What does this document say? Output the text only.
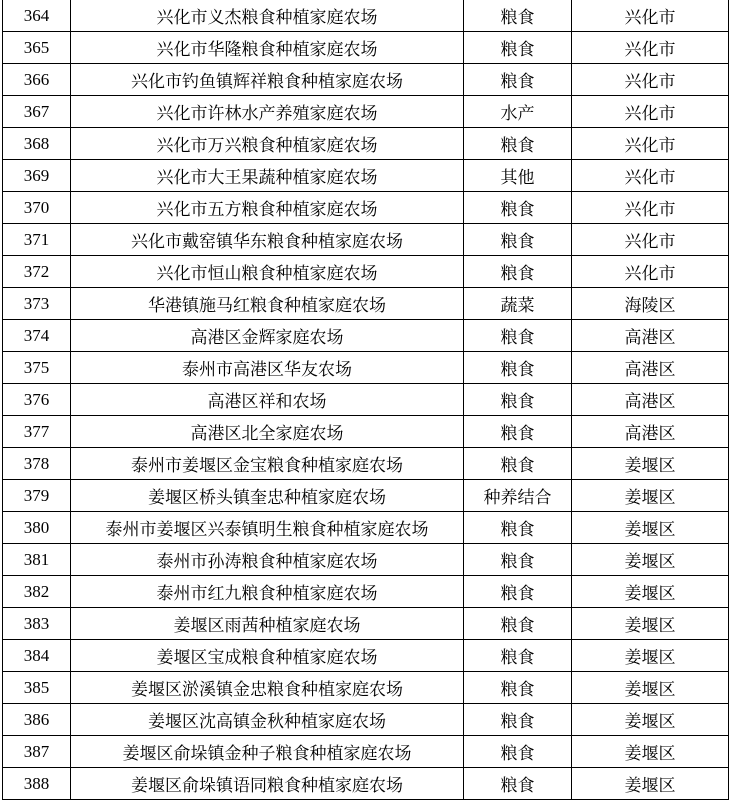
364	兴化市义杰粮食种植家庭农场	粮食	兴化市
365	兴化市华隆粮食种植家庭农场	粮食	兴化市
366	兴化市钓鱼镇辉祥粮食种植家庭农场	粮食	兴化市
367	兴化市许林水产养殖家庭农场	水产	兴化市
368	兴化市万兴粮食种植家庭农场	粮食	兴化市
369	兴化市大王果蔬种植家庭农场	其他	兴化市
370	兴化市五方粮食种植家庭农场	粮食	兴化市
371	兴化市戴窑镇华东粮食种植家庭农场	粮食	兴化市
372	兴化市恒山粮食种植家庭农场	粮食	兴化市
373	华港镇施马红粮食种植家庭农场	蔬菜	海陵区
374	高港区金辉家庭农场	粮食	高港区
375	泰州市高港区华友农场	粮食	高港区
376	高港区祥和农场	粮食	高港区
377	高港区北全家庭农场	粮食	高港区
378	泰州市姜堰区金宝粮食种植家庭农场	粮食	姜堰区
379	姜堰区桥头镇奎忠种植家庭农场	种养结合	姜堰区
380	泰州市姜堰区兴泰镇明生粮食种植家庭农场	粮食	姜堰区
381	泰州市孙涛粮食种植家庭农场	粮食	姜堰区
382	泰州市红九粮食种植家庭农场	粮食	姜堰区
383	姜堰区雨茜种植家庭农场	粮食	姜堰区
384	姜堰区宝成粮食种植家庭农场	粮食	姜堰区
385	姜堰区淤溪镇金忠粮食种植家庭农场	粮食	姜堰区
386	姜堰区沈高镇金秋种植家庭农场	粮食	姜堰区
387	姜堰区俞垛镇金种子粮食种植家庭农场	粮食	姜堰区
388	姜堰区俞垛镇语同粮食种植家庭农场	粮食	姜堰区
